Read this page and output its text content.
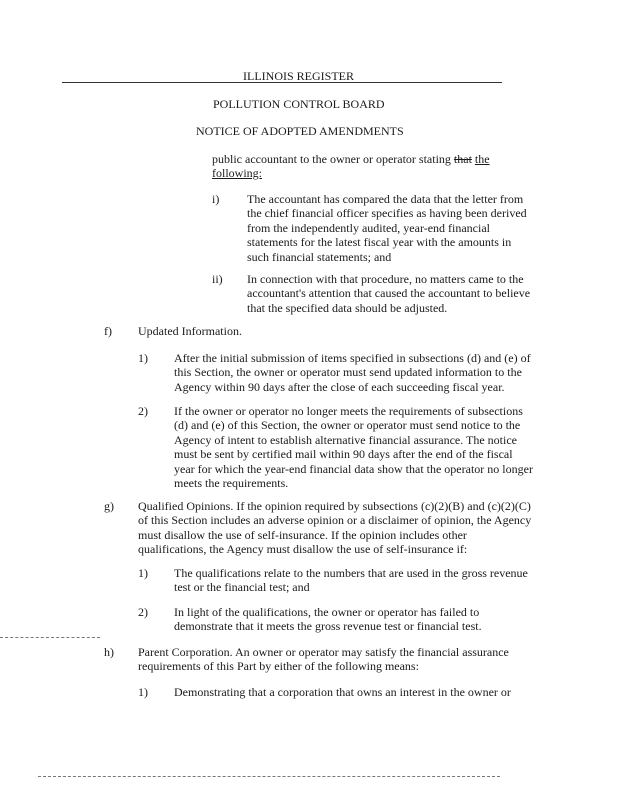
ILLINOIS REGISTER
POLLUTION CONTROL BOARD
NOTICE OF ADOPTED AMENDMENTS
public accountant to the owner or operator stating that the
following:
i) The accountant has compared the data that the letter from
the chief financial officer specifies as having been derived
from the independently audited, year-end financial
statements for the latest fiscal year with the amounts in
such financial statements; and
ii) In connection with that procedure, no matters came to the
accountant's attention that caused the accountant to believe
that the specified data should be adjusted.
f) Updated Information.
1) After the initial submission of items specified in subsections (d) and (e) of
this Section, the owner or operator must send updated information to the
Agency within 90 days after the close of each succeeding fiscal year.
2) If the owner or operator no longer meets the requirements of subsections
(d) and (e) of this Section, the owner or operator must send notice to the
Agency of intent to establish alternative financial assurance. The notice
must be sent by certified mail within 90 days after the end of the fiscal
year for which the year-end financial data show that the operator no longer
meets the requirements.
g) Qualified Opinions. If the opinion required by subsections (c)(2)(B) and (c)(2)(C)
of this Section includes an adverse opinion or a disclaimer of opinion, the Agency
must disallow the use of self-insurance. If the opinion includes other
qualifications, the Agency must disallow the use of self-insurance if:
1) The qualifications relate to the numbers that are used in the gross revenue
test or the financial test; and
2) In light of the qualifications, the owner or operator has failed to
demonstrate that it meets the gross revenue test or financial test.
h) Parent Corporation. An owner or operator may satisfy the financial assurance
requirements of this Part by either of the following means:
1) Demonstrating that a corporation that owns an interest in the owner or
